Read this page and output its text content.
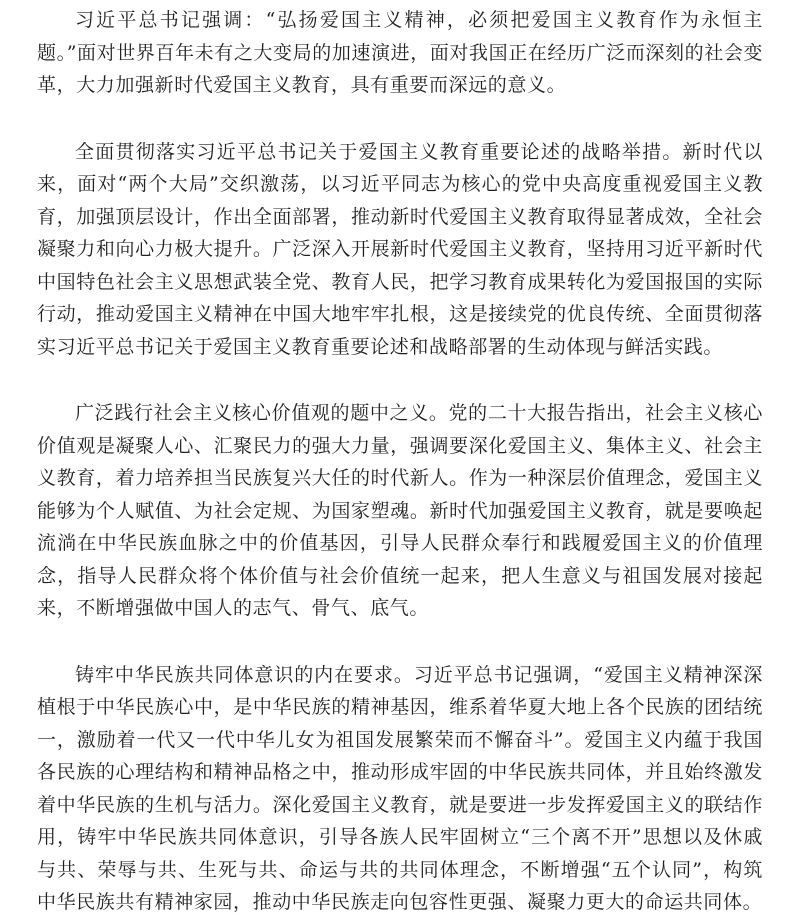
习近平总书记强调：“弘扬爱国主义精神，必须把爱国主义教育作为永恒主题。”面对世界百年未有之大变局的加速演进，面对我国正在经历广泛而深刻的社会变革，大力加强新时代爱国主义教育，具有重要而深远的意义。

全面贯彻落实习近平总书记关于爱国主义教育重要论述的战略举措。新时代以来，面对“两个大局”交织激荡，以习近平同志为核心的党中央高度重视爱国主义教育，加强顶层设计，作出全面部署，推动新时代爱国主义教育取得显著成效，全社会凝聚力和向心力极大提升。广泛深入开展新时代爱国主义教育，坚持用习近平新时代中国特色社会主义思想武装全党、教育人民，把学习教育成果转化为爱国报国的实际行动，推动爱国主义精神在中国大地牢牢扎根，这是接续党的优良传统、全面贯彻落实习近平总书记关于爱国主义教育重要论述和战略部署的生动体现与鲜活实践。

广泛践行社会主义核心价值观的题中之义。党的二十大报告指出，社会主义核心价值观是凝聚人心、汇聚民力的强大力量，强调要深化爱国主义、集体主义、社会主义教育，着力培养担当民族复兴大任的时代新人。作为一种深层价值理念，爱国主义能够为个人赋值、为社会定规、为国家塑魂。新时代加强爱国主义教育，就是要唤起流淌在中华民族血脉之中的价值基因，引导人民群众奉行和践履爱国主义的价值理念，指导人民群众将个体价值与社会价值统一起来，把人生意义与祖国发展对接起来，不断增强做中国人的志气、骨气、底气。

铸牢中华民族共同体意识的内在要求。习近平总书记强调，“爱国主义精神深深植根于中华民族心中，是中华民族的精神基因，维系着华夏大地上各个民族的团结统一，激励着一代又一代中华儿女为祖国发展繁荣而不懈奋斗”。爱国主义内蕴于我国各民族的心理结构和精神品格之中，推动形成牢固的中华民族共同体，并且始终激发着中华民族的生机与活力。深化爱国主义教育，就是要进一步发挥爱国主义的联结作用，铸牢中华民族共同体意识，引导各族人民牢固树立“三个离不开”思想以及休戚与共、荣辱与共、生死与共、命运与共的共同体理念，不断增强“五个认同”，构筑中华民族共有精神家园，推动中华民族走向包容性更强、凝聚力更大的命运共同体。
